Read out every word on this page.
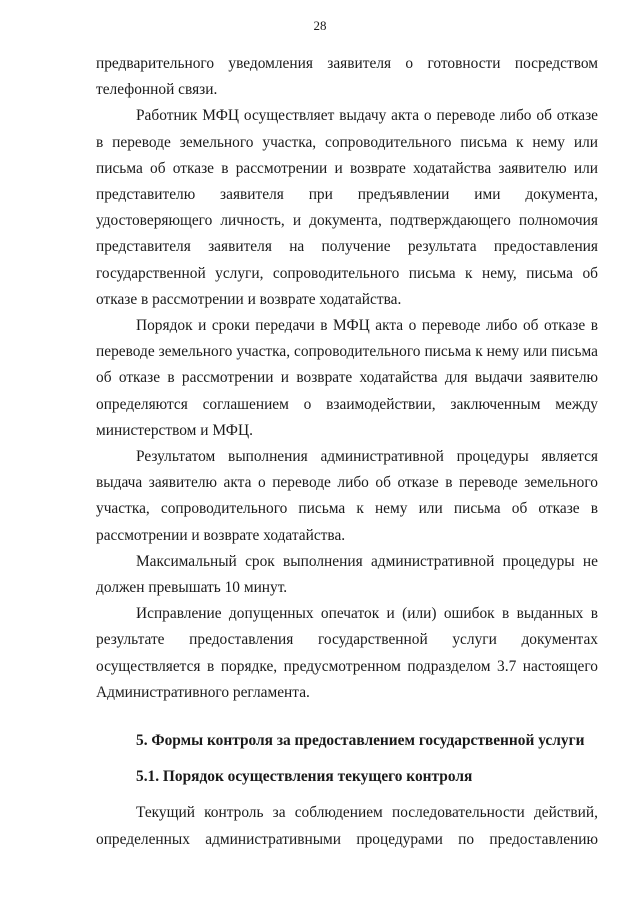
28

предварительного уведомления заявителя о готовности посредством телефонной связи.

Работник МФЦ осуществляет выдачу акта о переводе либо об отказе в переводе земельного участка, сопроводительного письма к нему или письма об отказе в рассмотрении и возврате ходатайства заявителю или представителю заявителя при предъявлении ими документа, удостоверяющего личность, и документа, подтверждающего полномочия представителя заявителя на получение результата предоставления государственной услуги, сопроводительного письма к нему, письма об отказе в рассмотрении и возврате ходатайства.

Порядок и сроки передачи в МФЦ акта о переводе либо об отказе в переводе земельного участка, сопроводительного письма к нему или письма об отказе в рассмотрении и возврате ходатайства для выдачи заявителю определяются соглашением о взаимодействии, заключенным между министерством и МФЦ.

Результатом выполнения административной процедуры является выдача заявителю акта о переводе либо об отказе в переводе земельного участка, сопроводительного письма к нему или письма об отказе в рассмотрении и возврате ходатайства.

Максимальный срок выполнения административной процедуры не должен превышать 10 минут.

Исправление допущенных опечаток и (или) ошибок в выданных в результате предоставления государственной услуги документах осуществляется в порядке, предусмотренном подразделом 3.7 настоящего Административного регламента.

5. Формы контроля за предоставлением государственной услуги

5.1. Порядок осуществления текущего контроля

Текущий контроль за соблюдением последовательности действий, определенных административными процедурами по предоставлению
